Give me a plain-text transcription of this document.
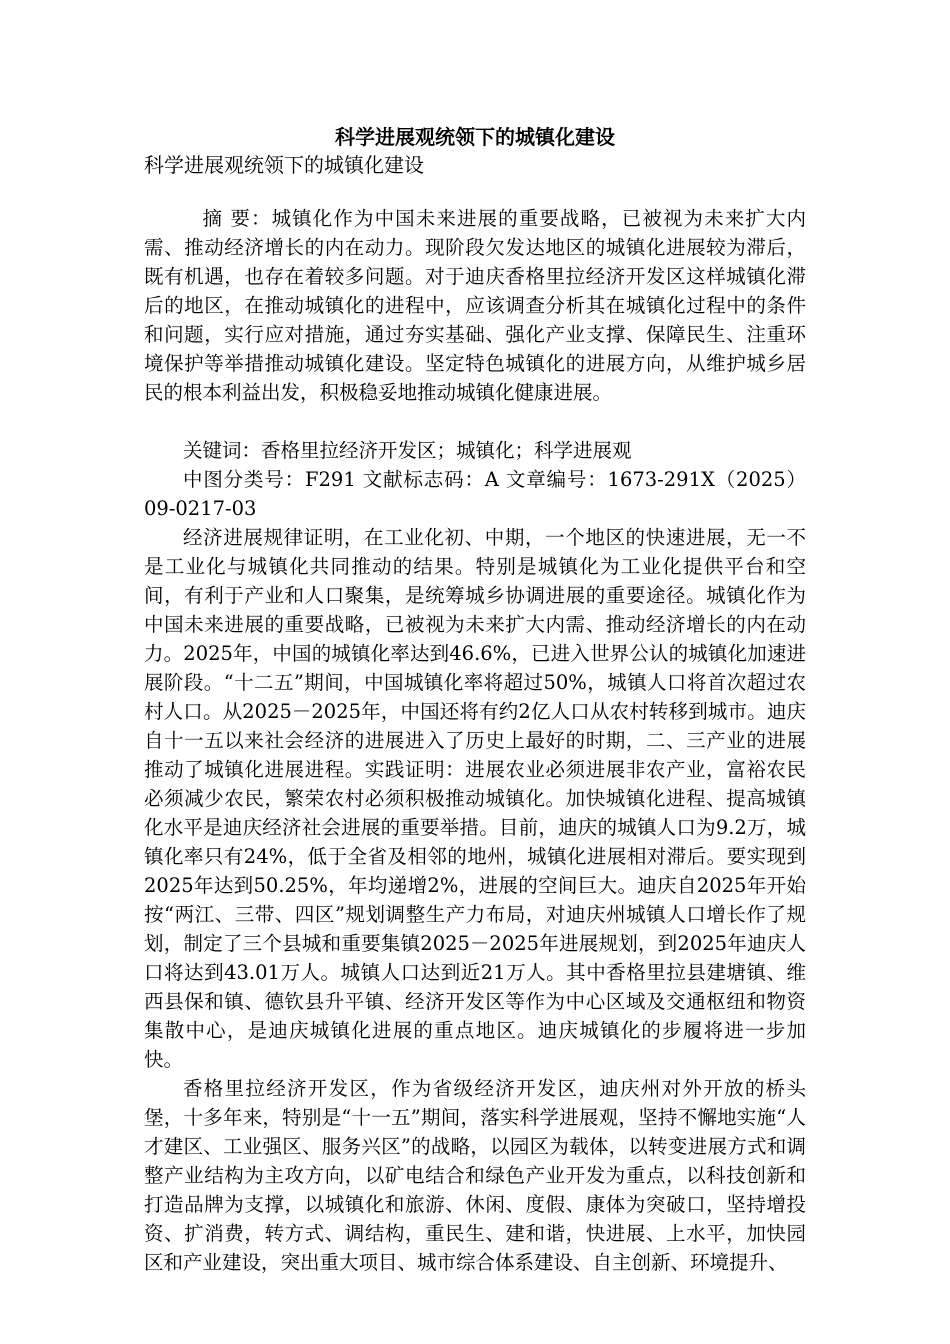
科学进展观统领下的城镇化建设
科学进展观统领下的城镇化建设

摘 要：城镇化作为中国未来进展的重要战略，已被视为未来扩大内需、推动经济增长的内在动力。现阶段欠发达地区的城镇化进展较为滞后，既有机遇，也存在着较多问题。对于迪庆香格里拉经济开发区这样城镇化滞后的地区，在推动城镇化的进程中，应该调查分析其在城镇化过程中的条件和问题，实行应对措施，通过夯实基础、强化产业支撑、保障民生、注重环境保护等举措推动城镇化建设。坚定特色城镇化的进展方向，从维护城乡居民的根本利益出发，积极稳妥地推动城镇化健康进展。

关键词：香格里拉经济开发区；城镇化；科学进展观

中图分类号：F291 文献标志码：A 文章编号：1673-291X（2025）09-0217-03

经济进展规律证明，在工业化初、中期，一个地区的快速进展，无一不是工业化与城镇化共同推动的结果。特别是城镇化为工业化提供平台和空间，有利于产业和人口聚集，是统筹城乡协调进展的重要途径。城镇化作为中国未来进展的重要战略，已被视为未来扩大内需、推动经济增长的内在动力。2025年，中国的城镇化率达到46.6%，已进入世界公认的城镇化加速进展阶段。“十二五”期间，中国城镇化率将超过50%，城镇人口将首次超过农村人口。从2025－2025年，中国还将有约2亿人口从农村转移到城市。迪庆自十一五以来社会经济的进展进入了历史上最好的时期，二、三产业的进展推动了城镇化进展进程。实践证明：进展农业必须进展非农产业，富裕农民必须减少农民，繁荣农村必须积极推动城镇化。加快城镇化进程、提高城镇化水平是迪庆经济社会进展的重要举措。目前，迪庆的城镇人口为9.2万，城镇化率只有24%，低于全省及相邻的地州，城镇化进展相对滞后。要实现到2025年达到50.25%，年均递增2%，进展的空间巨大。迪庆自2025年开始按“两江、三带、四区”规划调整生产力布局，对迪庆州城镇人口增长作了规划，制定了三个县城和重要集镇2025－2025年进展规划，到2025年迪庆人口将达到43.01万人。城镇人口达到近21万人。其中香格里拉县建塘镇、维西县保和镇、德钦县升平镇、经济开发区等作为中心区域及交通枢纽和物资集散中心，是迪庆城镇化进展的重点地区。迪庆城镇化的步履将进一步加快。

香格里拉经济开发区，作为省级经济开发区，迪庆州对外开放的桥头堡，十多年来，特别是“十一五”期间，落实科学进展观，坚持不懈地实施“人才建区、工业强区、服务兴区”的战略，以园区为载体，以转变进展方式和调整产业结构为主攻方向，以矿电结合和绿色产业开发为重点，以科技创新和打造品牌为支撑，以城镇化和旅游、休闲、度假、康体为突破口，坚持增投资、扩消费，转方式、调结构，重民生、建和谐，快进展、上水平，加快园区和产业建设，突出重大项目、城市综合体系建设、自主创新、环境提升、
